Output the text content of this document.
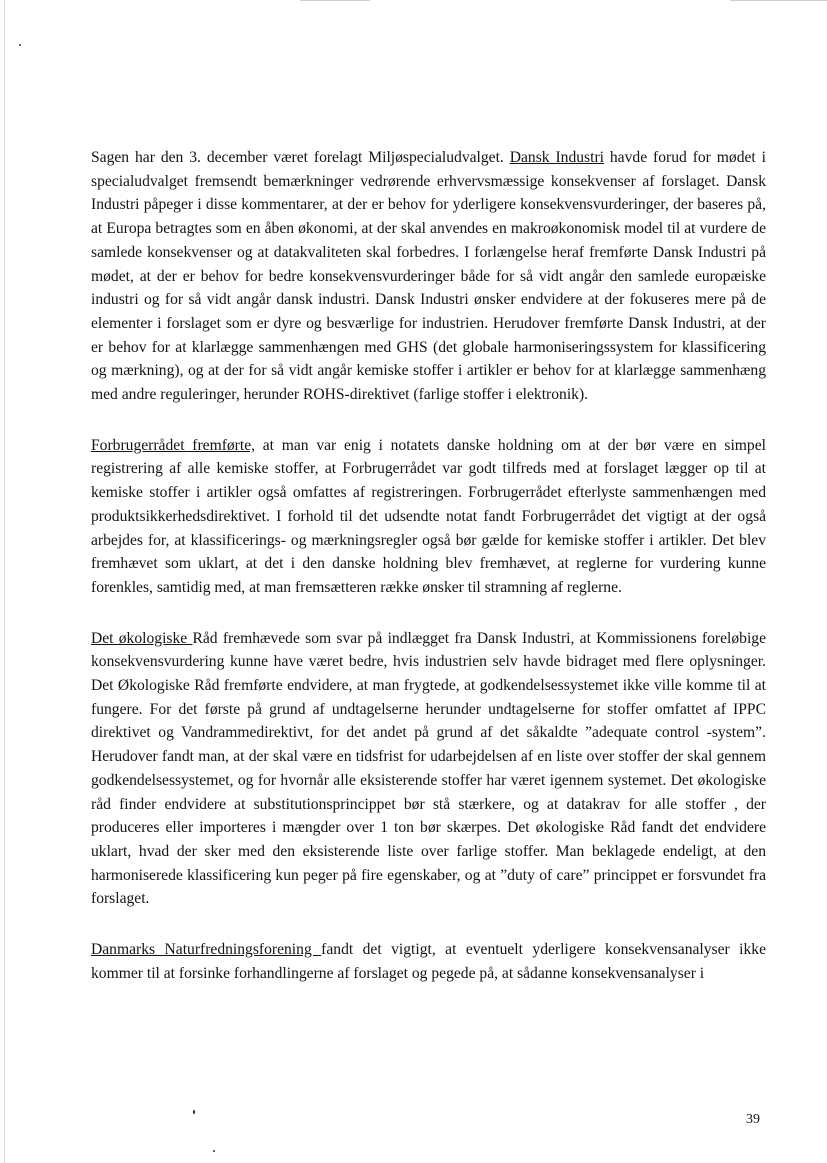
Sagen har den 3. december været forelagt Miljøspecialudvalget. Dansk Industri havde forud for mødet i specialudvalget fremsendt bemærkninger vedrørende erhvervsmæssige konsekvenser af forslaget. Dansk Industri påpeger i disse kommentarer, at der er behov for yderligere konsekvensvurderinger, der baseres på, at Europa betragtes som en åben økonomi, at der skal anvendes en makroøkonomisk model til at vurdere de samlede konsekvenser og at datakvaliteten skal forbedres. I forlængelse heraf fremførte Dansk Industri på mødet, at der er behov for bedre konsekvensvurderinger både for så vidt angår den samlede europæiske industri og for så vidt angår dansk industri. Dansk Industri ønsker endvidere at der fokuseres mere på de elementer i forslaget som er dyre og besværlige for industrien. Herudover fremførte Dansk Industri, at der er behov for at klarlægge sammenhængen med GHS (det globale harmoniseringssystem for klassificering og mærkning), og at der for så vidt angår kemiske stoffer i artikler er behov for at klarlægge sammenhæng med andre reguleringer, herunder ROHS-direktivet (farlige stoffer i elektronik).

Forbrugerrådet fremførte, at man var enig i notatets danske holdning om at der bør være en simpel registrering af alle kemiske stoffer, at Forbrugerrådet var godt tilfreds med at forslaget lægger op til at kemiske stoffer i artikler også omfattes af registreringen. Forbrugerrådet efterlyste sammenhængen med produktsikkerhedsdirektivet. I forhold til det udsendte notat fandt Forbrugerrådet det vigtigt at der også arbejdes for, at klassificerings- og mærkningsregler også bør gælde for kemiske stoffer i artikler. Det blev fremhævet som uklart, at det i den danske holdning blev fremhævet, at reglerne for vurdering kunne forenkles, samtidig med, at man fremsætteren række ønsker til stramning af reglerne.

Det økologiske Råd fremhævede som svar på indlægget fra Dansk Industri, at Kommissionens foreløbige konsekvensvurdering kunne have været bedre, hvis industrien selv havde bidraget med flere oplysninger. Det Økologiske Råd fremførte endvidere, at man frygtede, at godkendelsessystemet ikke ville komme til at fungere. For det første på grund af undtagelserne herunder undtagelserne for stoffer omfattet af IPPC direktivet og Vandrammedirektivt, for det andet på grund af det såkaldte ”adequate control -system”. Herudover fandt man, at der skal være en tidsfrist for udarbejdelsen af en liste over stoffer der skal gennem godkendelsessystemet, og for hvornår alle eksisterende stoffer har været igennem systemet. Det økologiske råd finder endvidere at substitutionsprincippet bør stå stærkere, og at datakrav for alle stoffer , der produceres eller importeres i mængder over 1 ton bør skærpes. Det økologiske Råd fandt det endvidere uklart, hvad der sker med den eksisterende liste over farlige stoffer. Man beklagede endeligt, at den harmoniserede klassificering kun peger på fire egenskaber, og at ”duty of care” princippet er forsvundet fra forslaget.

Danmarks Naturfredningsforening fandt det vigtigt, at eventuelt yderligere konsekvensanalyser ikke kommer til at forsinke forhandlingerne af forslaget og pegede på, at sådanne konsekvensanalyser i

39
